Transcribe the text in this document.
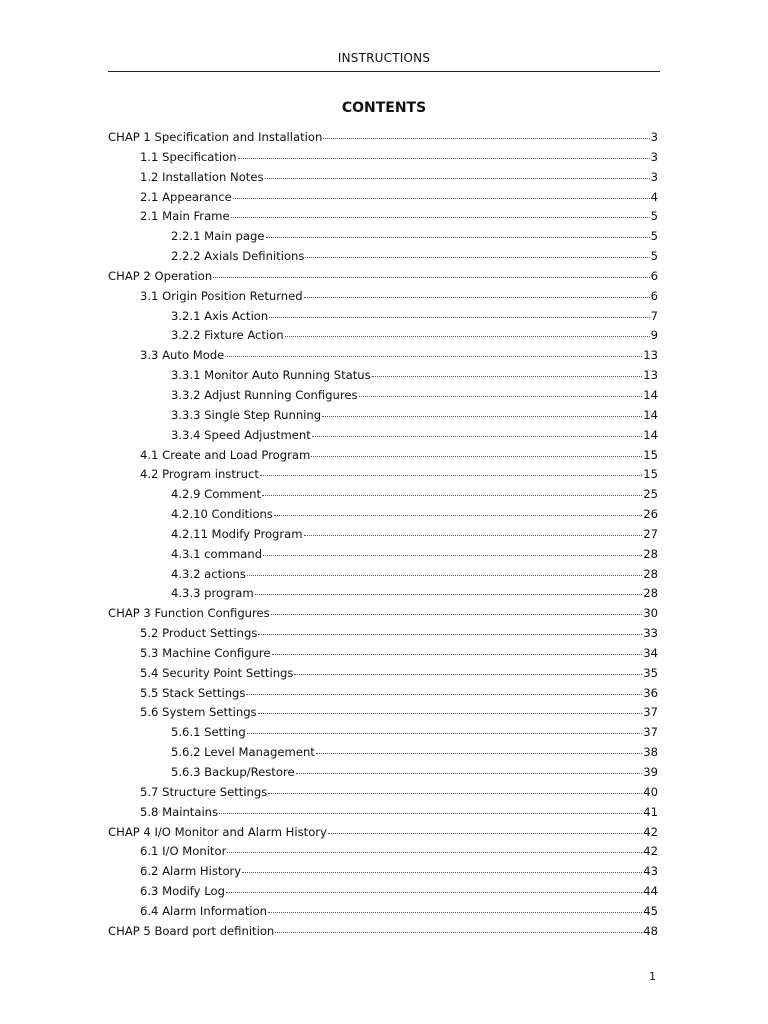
INSTRUCTIONS
CONTENTS
CHAP 1 Specification and Installation	3
1.1 Specification	3
1.2 Installation Notes	3
2.1 Appearance	4
2.1 Main Frame	5
2.2.1 Main page	5
2.2.2 Axials Definitions	5
CHAP 2 Operation	6
3.1 Origin Position Returned	6
3.2.1 Axis Action	7
3.2.2 Fixture Action	9
3.3 Auto Mode	13
3.3.1 Monitor Auto Running Status	13
3.3.2 Adjust Running Configures	14
3.3.3 Single Step Running	14
3.3.4 Speed Adjustment	14
4.1 Create and Load Program	15
4.2 Program instruct	15
4.2.9 Comment	25
4.2.10 Conditions	26
4.2.11 Modify Program	27
4.3.1 command	28
4.3.2 actions	28
4.3.3 program	28
CHAP 3 Function Configures	30
5.2 Product Settings	33
5.3 Machine Configure	34
5.4 Security Point Settings	35
5.5 Stack Settings	36
5.6 System Settings	37
5.6.1 Setting	37
5.6.2 Level Management	38
5.6.3 Backup/Restore	39
5.7 Structure Settings	40
5.8 Maintains	41
CHAP 4 I/O Monitor and Alarm History	42
6.1 I/O Monitor	42
6.2 Alarm History	43
6.3 Modify Log	44
6.4 Alarm Information	45
CHAP 5 Board port definition	48
1
